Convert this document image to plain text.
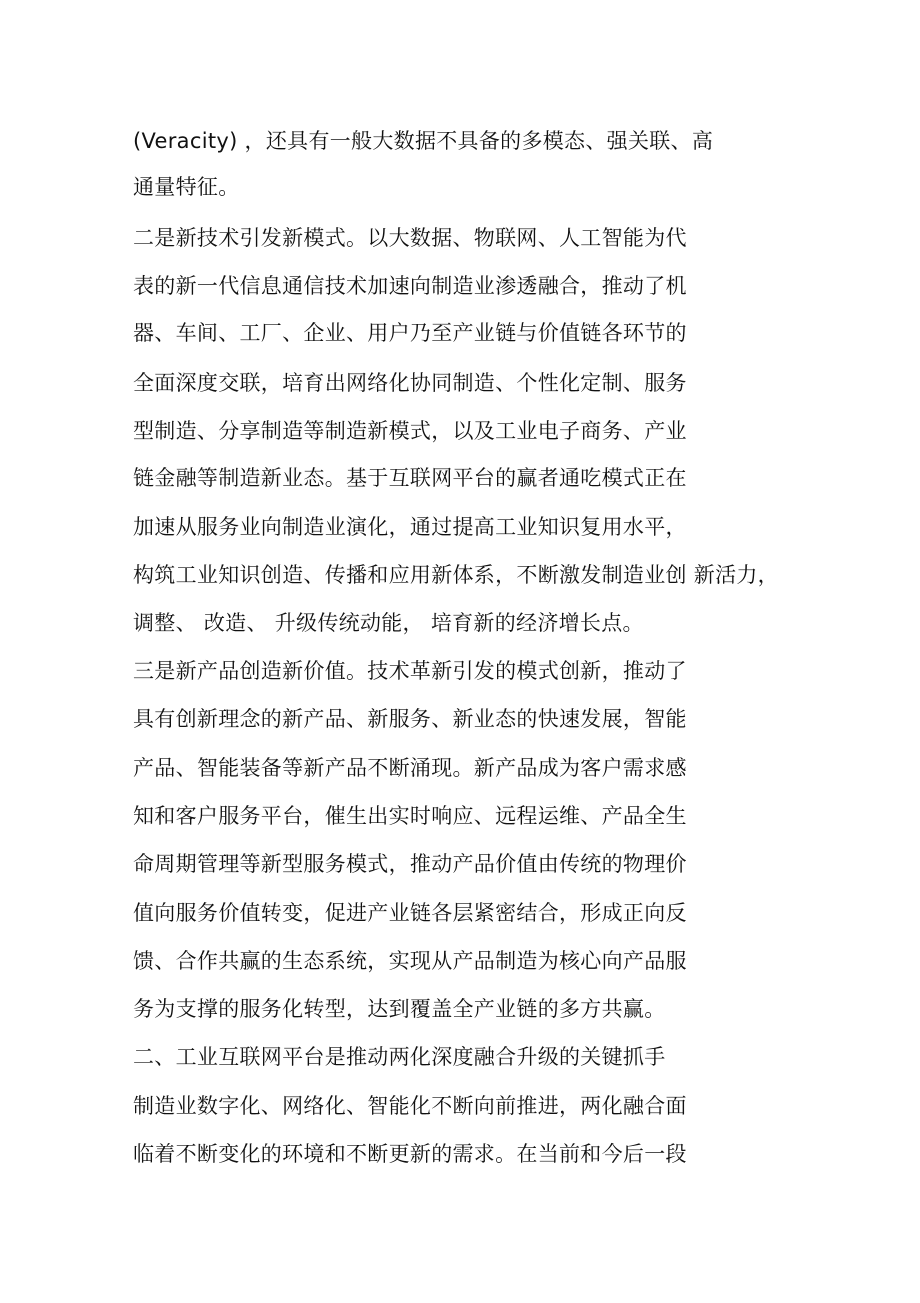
(Veracity) ，还具有一般大数据不具备的多模态、强关联、高
通量特征。
二是新技术引发新模式。以大数据、物联网、人工智能为代
表的新一代信息通信技术加速向制造业渗透融合，推动了机
器、车间、工厂、企业、用户乃至产业链与价值链各环节的
全面深度交联，培育出网络化协同制造、个性化定制、服务
型制造、分享制造等制造新模式，以及工业电子商务、产业
链金融等制造新业态。基于互联网平台的赢者通吃模式正在
加速从服务业向制造业演化，通过提高工业知识复用水平，
构筑工业知识创造、传播和应用新体系，不断激发制造业创 新活力，
调整、 改造、 升级传统动能， 培育新的经济增长点。
三是新产品创造新价值。技术革新引发的模式创新，推动了
具有创新理念的新产品、新服务、新业态的快速发展，智能
产品、智能装备等新产品不断涌现。新产品成为客户需求感
知和客户服务平台，催生出实时响应、远程运维、产品全生
命周期管理等新型服务模式，推动产品价值由传统的物理价
值向服务价值转变，促进产业链各层紧密结合，形成正向反
馈、合作共赢的生态系统，实现从产品制造为核心向产品服
务为支撑的服务化转型，达到覆盖全产业链的多方共赢。
二、工业互联网平台是推动两化深度融合升级的关键抓手
制造业数字化、网络化、智能化不断向前推进，两化融合面
临着不断变化的环境和不断更新的需求。在当前和今后一段
